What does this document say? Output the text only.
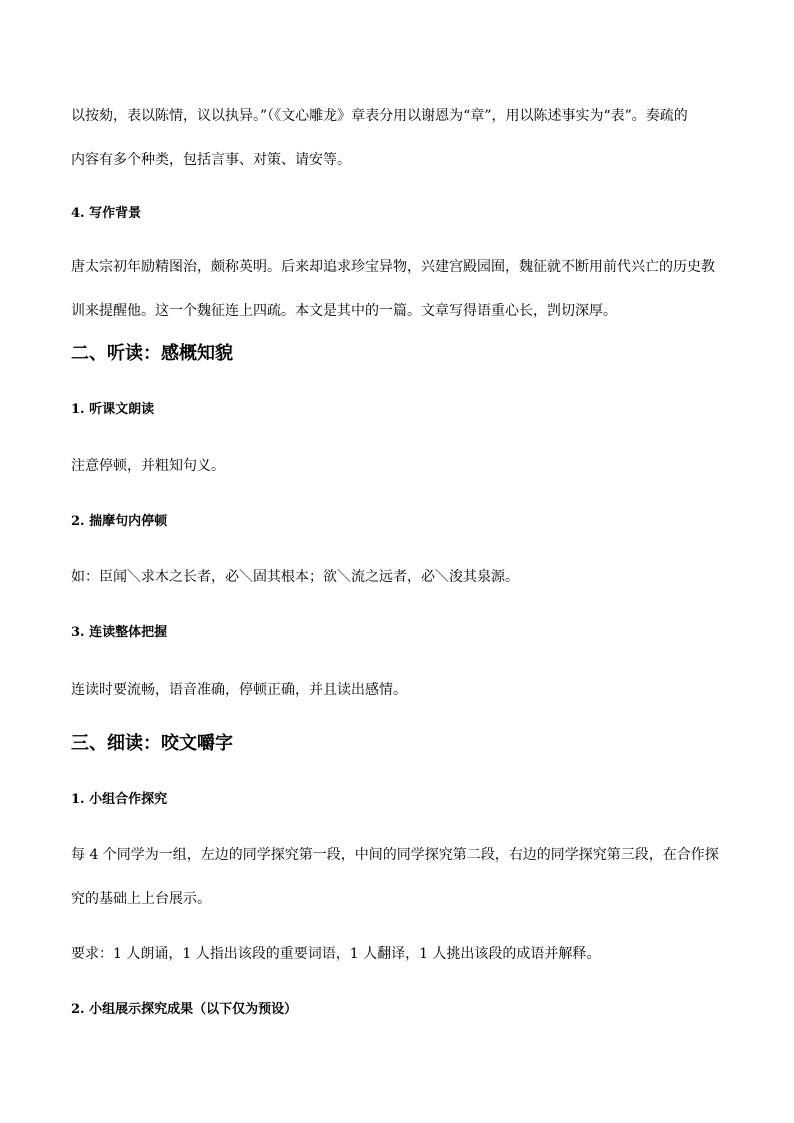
以按劾，表以陈情，议以执异。”（《文心雕龙》章表分用以谢恩为“章”，用以陈述事实为“表”。奏疏的
内容有多个种类，包括言事、对策、请安等。
4. 写作背景
唐太宗初年励精图治，颇称英明。后来却追求珍宝异物，兴建宫殿园囿，魏征就不断用前代兴亡的历史教
训来提醒他。这一个魏征连上四疏。本文是其中的一篇。文章写得语重心长，剀切深厚。
二、听读：感概知貌
1. 听课文朗读
注意停顿，并粗知句义。
2. 揣摩句内停顿
如：臣闻＼求木之长者，必＼固其根本；欲＼流之远者，必＼浚其泉源。
3. 连读整体把握
连读时要流畅，语音准确，停顿正确，并且读出感情。
三、细读：咬文嚼字
1. 小组合作探究
每 4 个同学为一组，左边的同学探究第一段，中间的同学探究第二段，右边的同学探究第三段，在合作探
究的基础上上台展示。
要求：1 人朗诵，1 人指出该段的重要词语，1 人翻译，1 人挑出该段的成语并解释。
2. 小组展示探究成果（以下仅为预设）
